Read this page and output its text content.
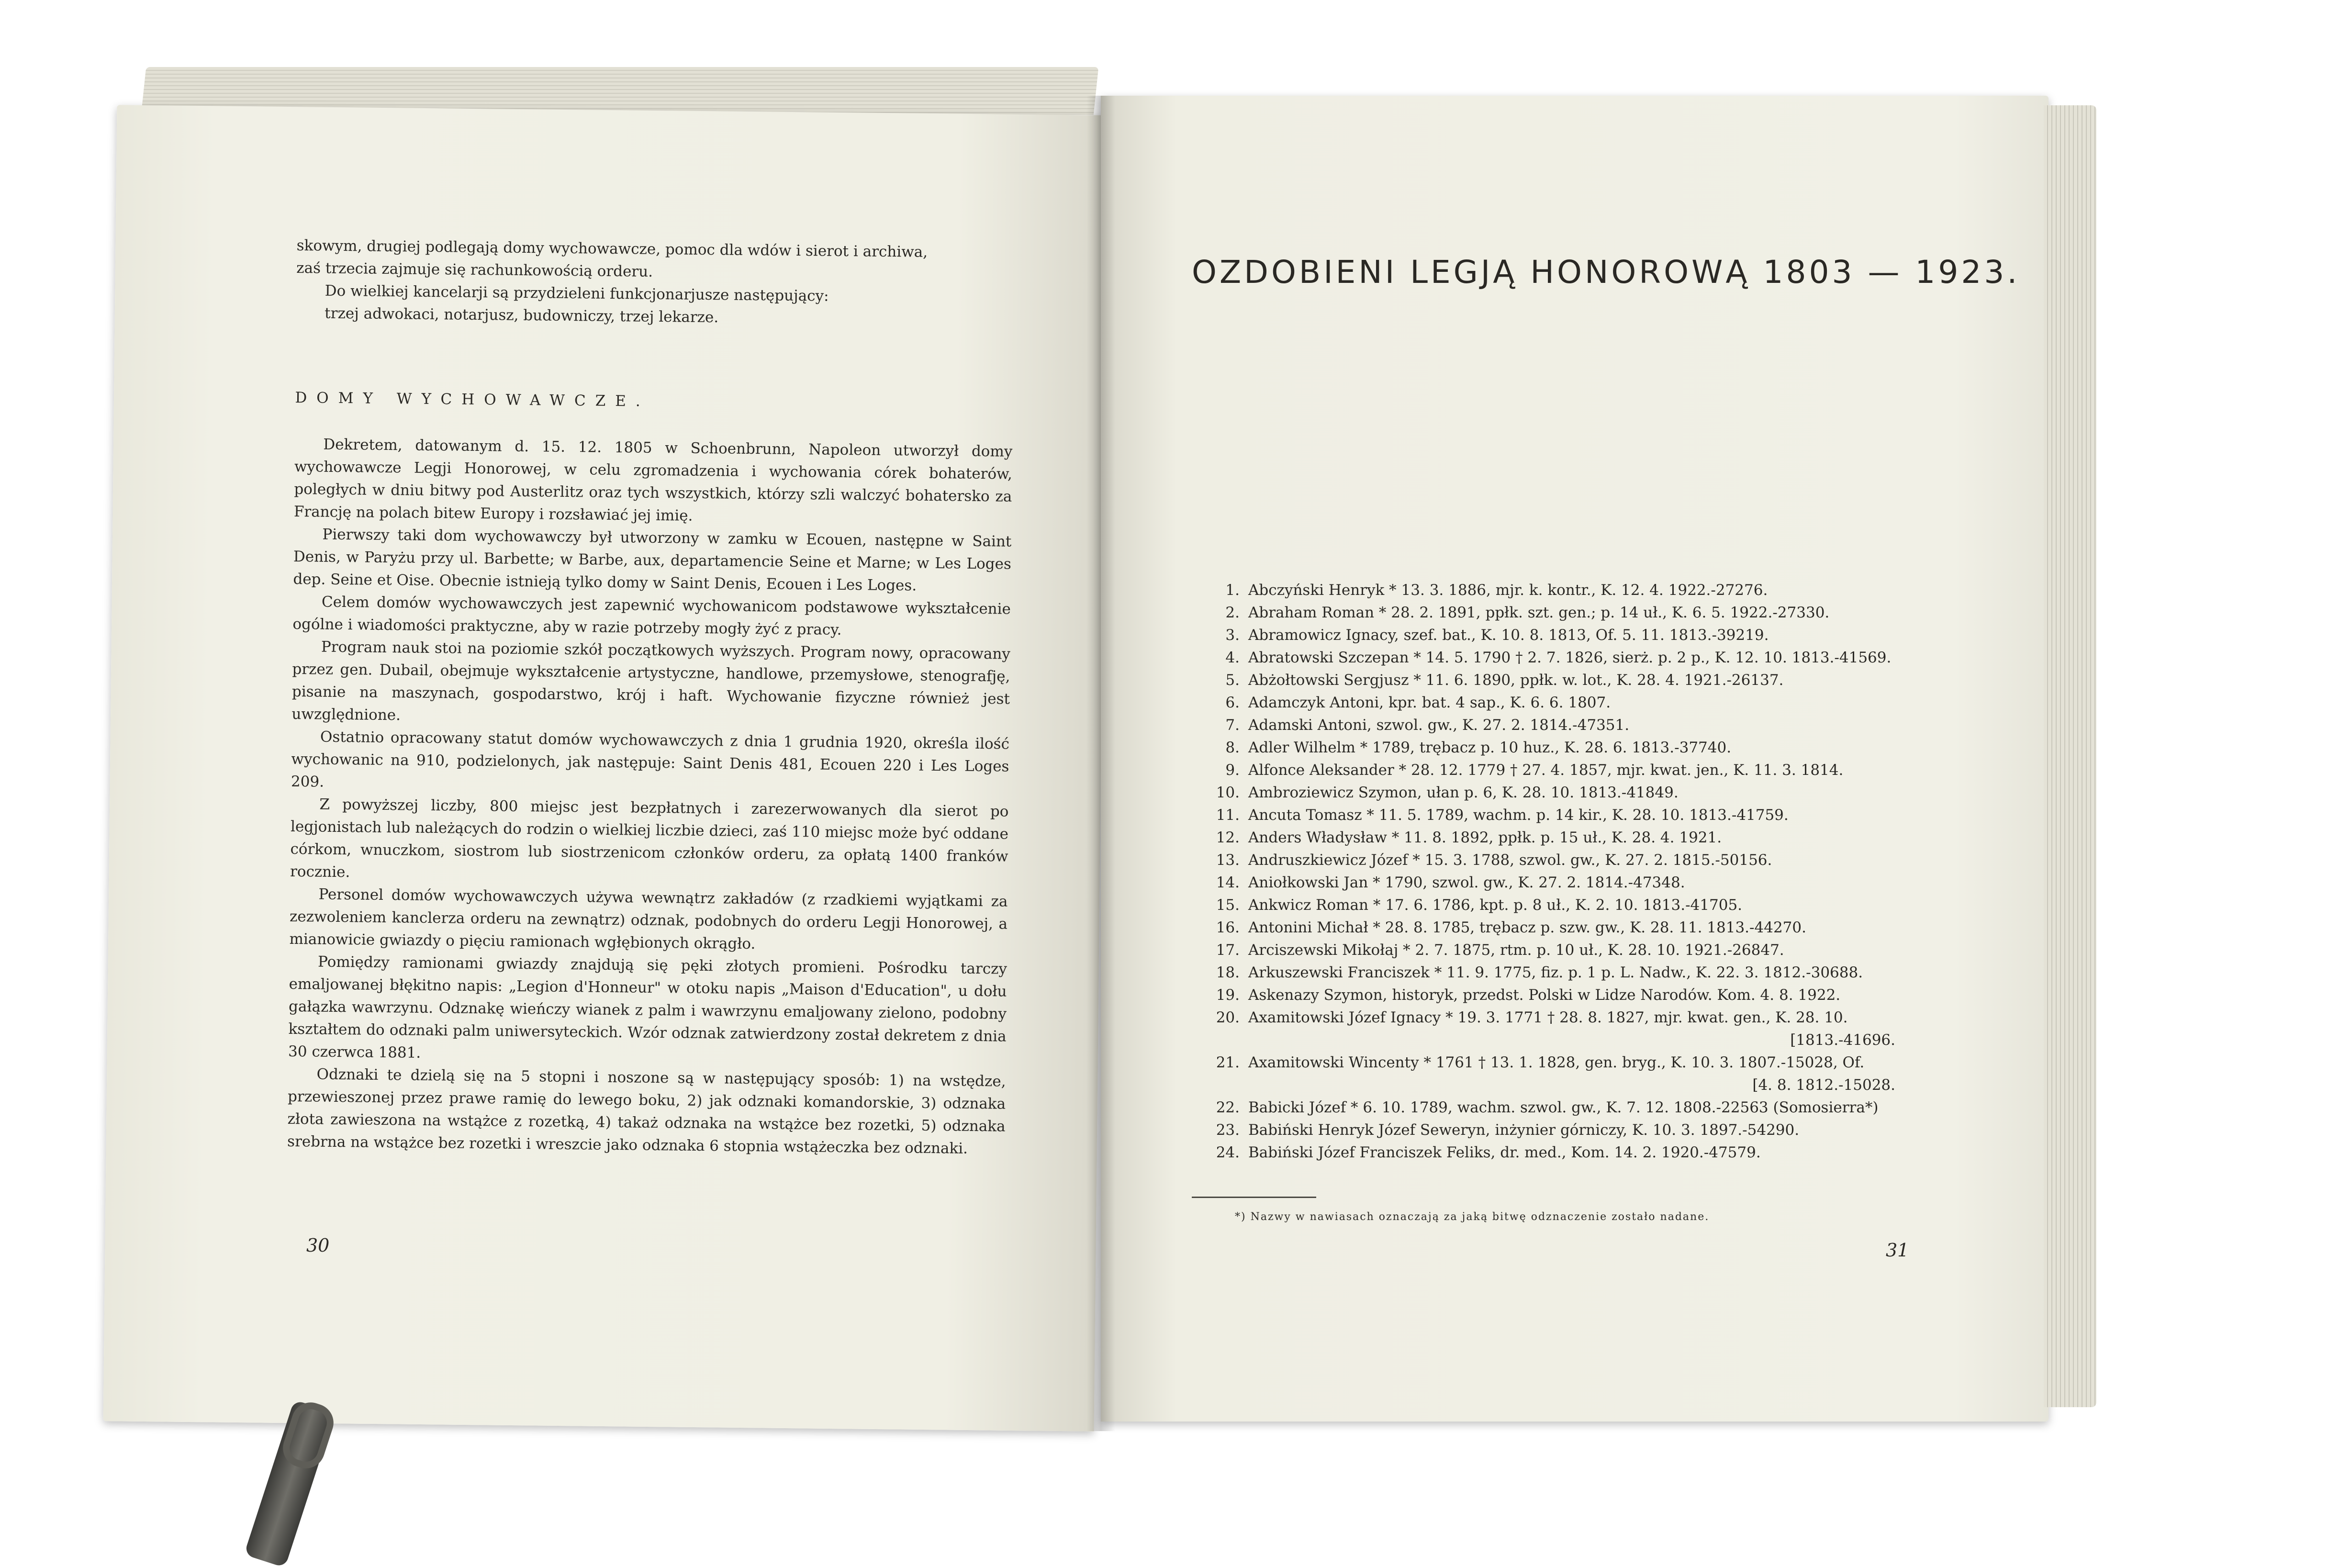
skowym, drugiej podlegają domy wychowawcze, pomoc dla wdów i sierot i archiwa,

zaś trzecia zajmuje się rachunkowością orderu.

Do wielkiej kancelarji są przydzieleni funkcjonarjusze następujący:

trzej adwokaci, notarjusz, budowniczy, trzej lekarze.

DOMY WYCHOWAWCZE.

Dekretem, datowanym d. 15. 12. 1805 w Schoenbrunn, Napoleon utworzył domy wychowawcze Legji Honorowej, w celu zgromadzenia i wychowania córek bohaterów, poległych w dniu bitwy pod Austerlitz oraz tych wszystkich, którzy szli walczyć bohatersko za Francję na polach bitew Europy i rozsławiać jej imię.

Pierwszy taki dom wychowawczy był utworzony w zamku w Ecouen, następne w Saint Denis, w Paryżu przy ul. Barbette; w Barbe, aux, departamencie Seine et Marne; w Les Loges dep. Seine et Oise. Obecnie istnieją tylko domy w Saint Denis, Ecouen i Les Loges.

Celem domów wychowawczych jest zapewnić wychowanicom podstawowe wykształcenie ogólne i wiadomości praktyczne, aby w razie potrzeby mogły żyć z pracy.

Program nauk stoi na poziomie szkół początkowych wyższych. Program nowy, opracowany przez gen. Dubail, obejmuje wykształcenie artystyczne, handlowe, przemysłowe, stenografję, pisanie na maszynach, gospodarstwo, krój i haft. Wychowanie fizyczne również jest uwzględnione.

Ostatnio opracowany statut domów wychowawczych z dnia 1 grudnia 1920, określa ilość wychowanic na 910, podzielonych, jak następuje: Saint Denis 481, Ecouen 220 i Les Loges 209.

Z powyższej liczby, 800 miejsc jest bezpłatnych i zarezerwowanych dla sierot po legjonistach lub należących do rodzin o wielkiej liczbie dzieci, zaś 110 miejsc może być oddane córkom, wnuczkom, siostrom lub siostrzenicom członków orderu, za opłatą 1400 franków rocznie.

Personel domów wychowawczych używa wewnątrz zakładów (z rzadkiemi wyjątkami za zezwoleniem kanclerza orderu na zewnątrz) odznak, podobnych do orderu Legji Honorowej, a mianowicie gwiazdy o pięciu ramionach wgłębionych okrągło.

Pomiędzy ramionami gwiazdy znajdują się pęki złotych promieni. Pośrodku tarczy emaljowanej błękitno napis: „Legion d'Honneur" w otoku napis „Maison d'Education", u dołu gałązka wawrzynu. Odznakę wieńczy wianek z palm i wawrzynu emaljowany zielono, podobny kształtem do odznaki palm uniwersyteckich. Wzór odznak zatwierdzony został dekretem z dnia 30 czerwca 1881.

Odznaki te dzielą się na 5 stopni i noszone są w następujący sposób: 1) na wstędze, przewieszonej przez prawe ramię do lewego boku, 2) jak odznaki komandorskie, 3) odznaka złota zawieszona na wstążce z rozetką, 4) takaż odznaka na wstążce bez rozetki, 5) odznaka srebrna na wstążce bez rozetki i wreszcie jako odznaka 6 stopnia wstążeczka bez odznaki.

30
OZDOBIENI LEGJĄ HONOROWĄ 1803 — 1923.
1. Abczyński Henryk * 13. 3. 1886, mjr. k. kontr., K. 12. 4. 1922.-27276.
2. Abraham Roman * 28. 2. 1891, ppłk. szt. gen.; p. 14 uł., K. 6. 5. 1922.-27330.
3. Abramowicz Ignacy, szef. bat., K. 10. 8. 1813, Of. 5. 11. 1813.-39219.
4. Abratowski Szczepan * 14. 5. 1790 † 2. 7. 1826, sierż. p. 2 p., K. 12. 10. 1813.-41569.
5. Abżołtowski Sergjusz * 11. 6. 1890, ppłk. w. lot., K. 28. 4. 1921.-26137.
6. Adamczyk Antoni, kpr. bat. 4 sap., K. 6. 6. 1807.
7. Adamski Antoni, szwol. gw., K. 27. 2. 1814.-47351.
8. Adler Wilhelm * 1789, trębacz p. 10 huz., K. 28. 6. 1813.-37740.
9. Alfonce Aleksander * 28. 12. 1779 † 27. 4. 1857, mjr. kwat. jen., K. 11. 3. 1814.
10. Ambroziewicz Szymon, ułan p. 6, K. 28. 10. 1813.-41849.
11. Ancuta Tomasz * 11. 5. 1789, wachm. p. 14 kir., K. 28. 10. 1813.-41759.
12. Anders Władysław * 11. 8. 1892, ppłk. p. 15 uł., K. 28. 4. 1921.
13. Andruszkiewicz Józef * 15. 3. 1788, szwol. gw., K. 27. 2. 1815.-50156.
14. Aniołkowski Jan * 1790, szwol. gw., K. 27. 2. 1814.-47348.
15. Ankwicz Roman * 17. 6. 1786, kpt. p. 8 uł., K. 2. 10. 1813.-41705.
16. Antonini Michał * 28. 8. 1785, trębacz p. szw. gw., K. 28. 11. 1813.-44270.
17. Arciszewski Mikołaj * 2. 7. 1875, rtm. p. 10 uł., K. 28. 10. 1921.-26847.
18. Arkuszewski Franciszek * 11. 9. 1775, fiz. p. 1 p. L. Nadw., K. 22. 3. 1812.-30688.
19. Askenazy Szymon, historyk, przedst. Polski w Lidze Narodów. Kom. 4. 8. 1922.
20. Axamitowski Józef Ignacy * 19. 3. 1771 † 28. 8. 1827, mjr. kwat. gen., K. 28. 10.
[1813.-41696.
21. Axamitowski Wincenty * 1761 † 13. 1. 1828, gen. bryg., K. 10. 3. 1807.-15028, Of.
[4. 8. 1812.-15028.
22. Babicki Józef * 6. 10. 1789, wachm. szwol. gw., K. 7. 12. 1808.-22563 (Somosierra*)
23. Babiński Henryk Józef Seweryn, inżynier górniczy, K. 10. 3. 1897.-54290.
24. Babiński Józef Franciszek Feliks, dr. med., Kom. 14. 2. 1920.-47579.
*) Nazwy w nawiasach oznaczają za jaką bitwę odznaczenie zostało nadane.
31
